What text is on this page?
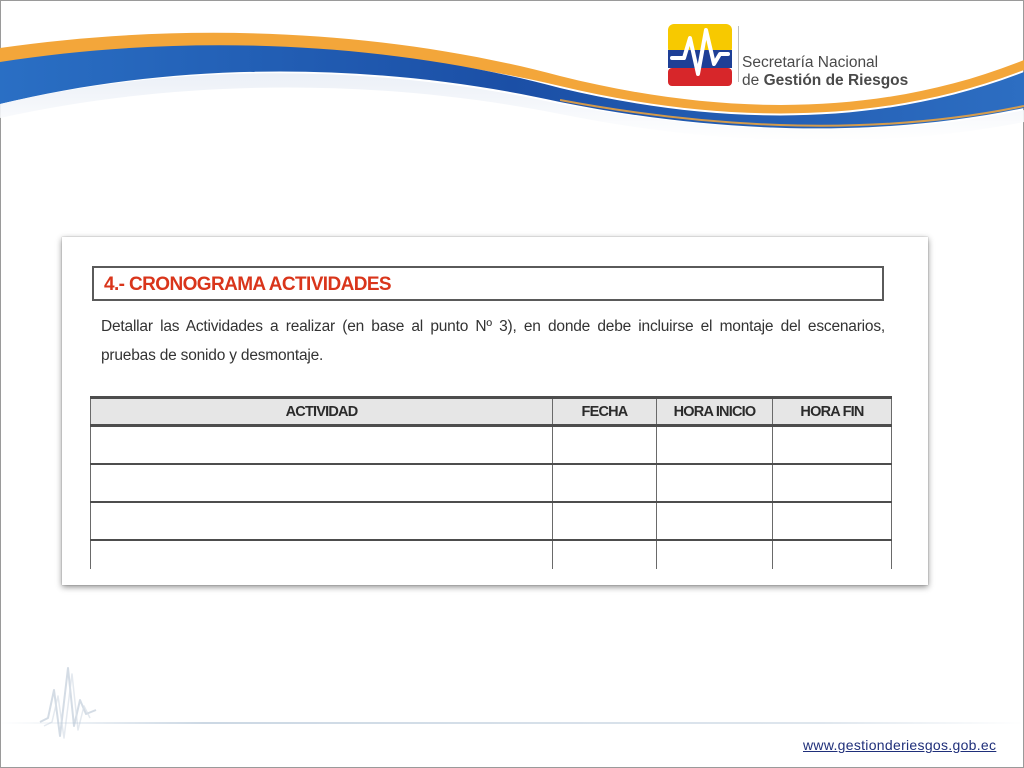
Secretaría Nacional
de Gestión de Riesgos
4.- CRONOGRAMA ACTIVIDADES
Detallar las Actividades a realizar (en base al punto Nº 3), en donde debe incluirse el montaje del escenarios, pruebas de sonido y desmontaje.
ACTIVIDAD	FECHA	HORA INICIO	HORA FIN

www.gestionderiesgos.gob.ec
